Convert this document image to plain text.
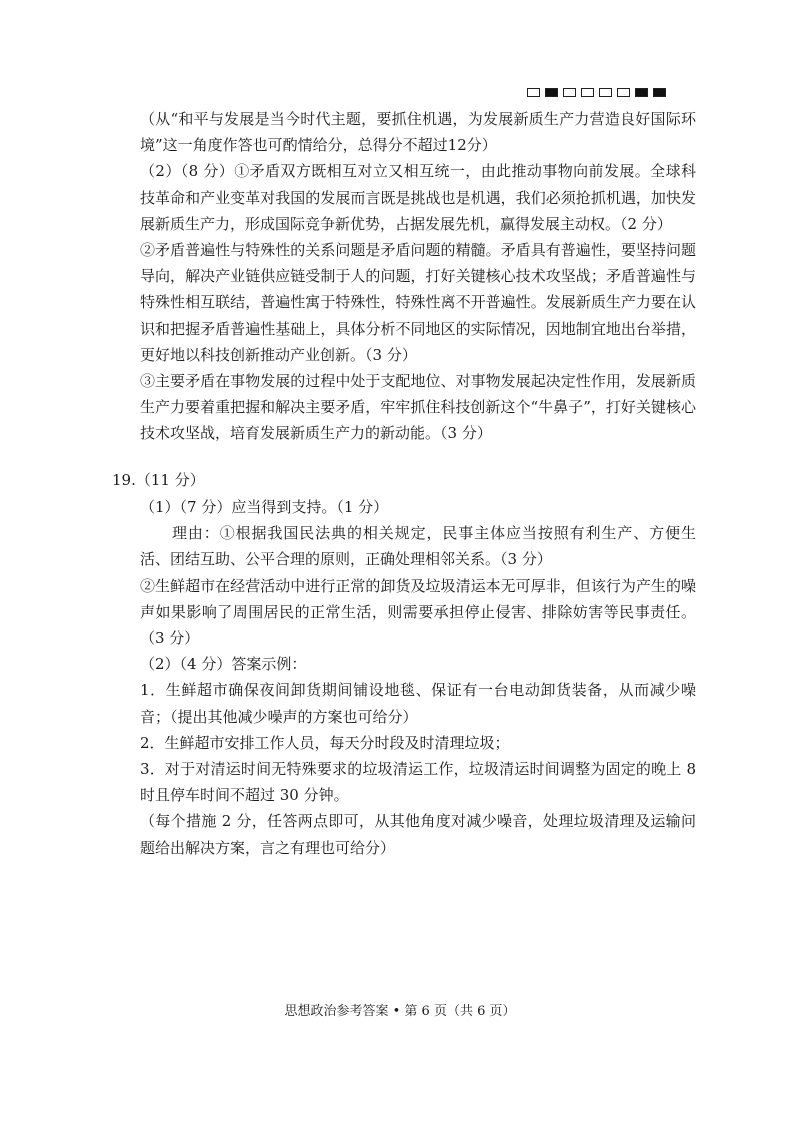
（从“和平与发展是当今时代主题，要抓住机遇，为发展新质生产力营造良好国际环境”这一角度作答也可酌情给分，总得分不超过12分）

（2）（8 分）①矛盾双方既相互对立又相互统一，由此推动事物向前发展。全球科技革命和产业变革对我国的发展而言既是挑战也是机遇，我们必须抢抓机遇，加快发展新质生产力，形成国际竞争新优势，占据发展先机，赢得发展主动权。（2 分）

②矛盾普遍性与特殊性的关系问题是矛盾问题的精髓。矛盾具有普遍性，要坚持问题导向，解决产业链供应链受制于人的问题，打好关键核心技术攻坚战；矛盾普遍性与特殊性相互联结，普遍性寓于特殊性，特殊性离不开普遍性。发展新质生产力要在认识和把握矛盾普遍性基础上，具体分析不同地区的实际情况，因地制宜地出台举措，更好地以科技创新推动产业创新。（3 分）

③主要矛盾在事物发展的过程中处于支配地位、对事物发展起决定性作用，发展新质生产力要着重把握和解决主要矛盾，牢牢抓住科技创新这个“牛鼻子”，打好关键核心技术攻坚战，培育发展新质生产力的新动能。（3 分）

19.（11 分）

（1）（7 分）应当得到支持。（1 分）

理由：①根据我国民法典的相关规定，民事主体应当按照有利生产、方便生活、团结互助、公平合理的原则，正确处理相邻关系。（3 分）

②生鲜超市在经营活动中进行正常的卸货及垃圾清运本无可厚非，但该行为产生的噪声如果影响了周围居民的正常生活，则需要承担停止侵害、排除妨害等民事责任。（3 分）

（2）（4 分）答案示例：

1．生鲜超市确保夜间卸货期间铺设地毯、保证有一台电动卸货装备，从而减少噪音；（提出其他减少噪声的方案也可给分）

2．生鲜超市安排工作人员，每天分时段及时清理垃圾；

3．对于对清运时间无特殊要求的垃圾清运工作，垃圾清运时间调整为固定的晚上 8 时且停车时间不超过 30 分钟。

（每个措施 2 分，任答两点即可，从其他角度对减少噪音，处理垃圾清理及运输问题给出解决方案，言之有理也可给分）

思想政治参考答案 • 第 6 页（共 6 页）
